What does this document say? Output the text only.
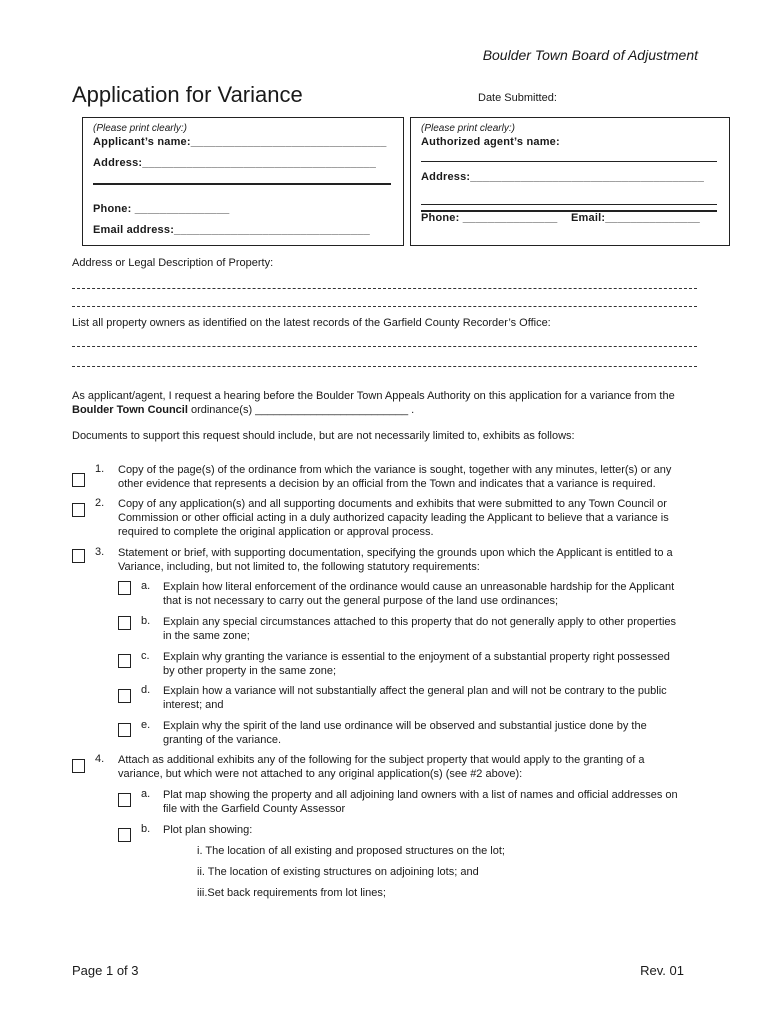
Boulder Town Board of Adjustment
Application for Variance	Date Submitted:
(Please print clearly:)
Applicant’s name:_______________________________
Address:_____________________________________
Phone: _______________
Email address:_______________________________
(Please print clearly:)
Authorized agent’s name:
Address:_____________________________________
Phone: _______________ Email:_______________
Address or Legal Description of Property:
List all property owners as identified on the latest records of the Garfield County Recorder’s Office:
As applicant/agent, I request a hearing before the Boulder Town Appeals Authority on this application for a variance from the
Boulder Town Council ordinance(s) _________________________ .
Documents to support this request should include, but are not necessarily limited to, exhibits as follows:
1. Copy of the page(s) of the ordinance from which the variance is sought, together with any minutes, letter(s) or any
other evidence that represents a decision by an official from the Town and indicates that a variance is required.
2. Copy of any application(s) and all supporting documents and exhibits that were submitted to any Town Council or
Commission or other official acting in a duly authorized capacity leading the Applicant to believe that a variance is
required to complete the original application or approval process.
3. Statement or brief, with supporting documentation, specifying the grounds upon which the Applicant is entitled to a
Variance, including, but not limited to, the following statutory requirements:
a. Explain how literal enforcement of the ordinance would cause an unreasonable hardship for the Applicant
that is not necessary to carry out the general purpose of the land use ordinances;
b. Explain any special circumstances attached to this property that do not generally apply to other properties
in the same zone;
c. Explain why granting the variance is essential to the enjoyment of a substantial property right possessed
by other property in the same zone;
d. Explain how a variance will not substantially affect the general plan and will not be contrary to the public
interest; and
e. Explain why the spirit of the land use ordinance will be observed and substantial justice done by the
granting of the variance.
4. Attach as additional exhibits any of the following for the subject property that would apply to the granting of a
variance, but which were not attached to any original application(s) (see #2 above):
a. Plat map showing the property and all adjoining land owners with a list of names and official addresses on
file with the Garfield County Assessor
b. Plot plan showing:
i. The location of all existing and proposed structures on the lot;
ii. The location of existing structures on adjoining lots; and
iii.Set back requirements from lot lines;
Page 1 of 3	Rev. 01
